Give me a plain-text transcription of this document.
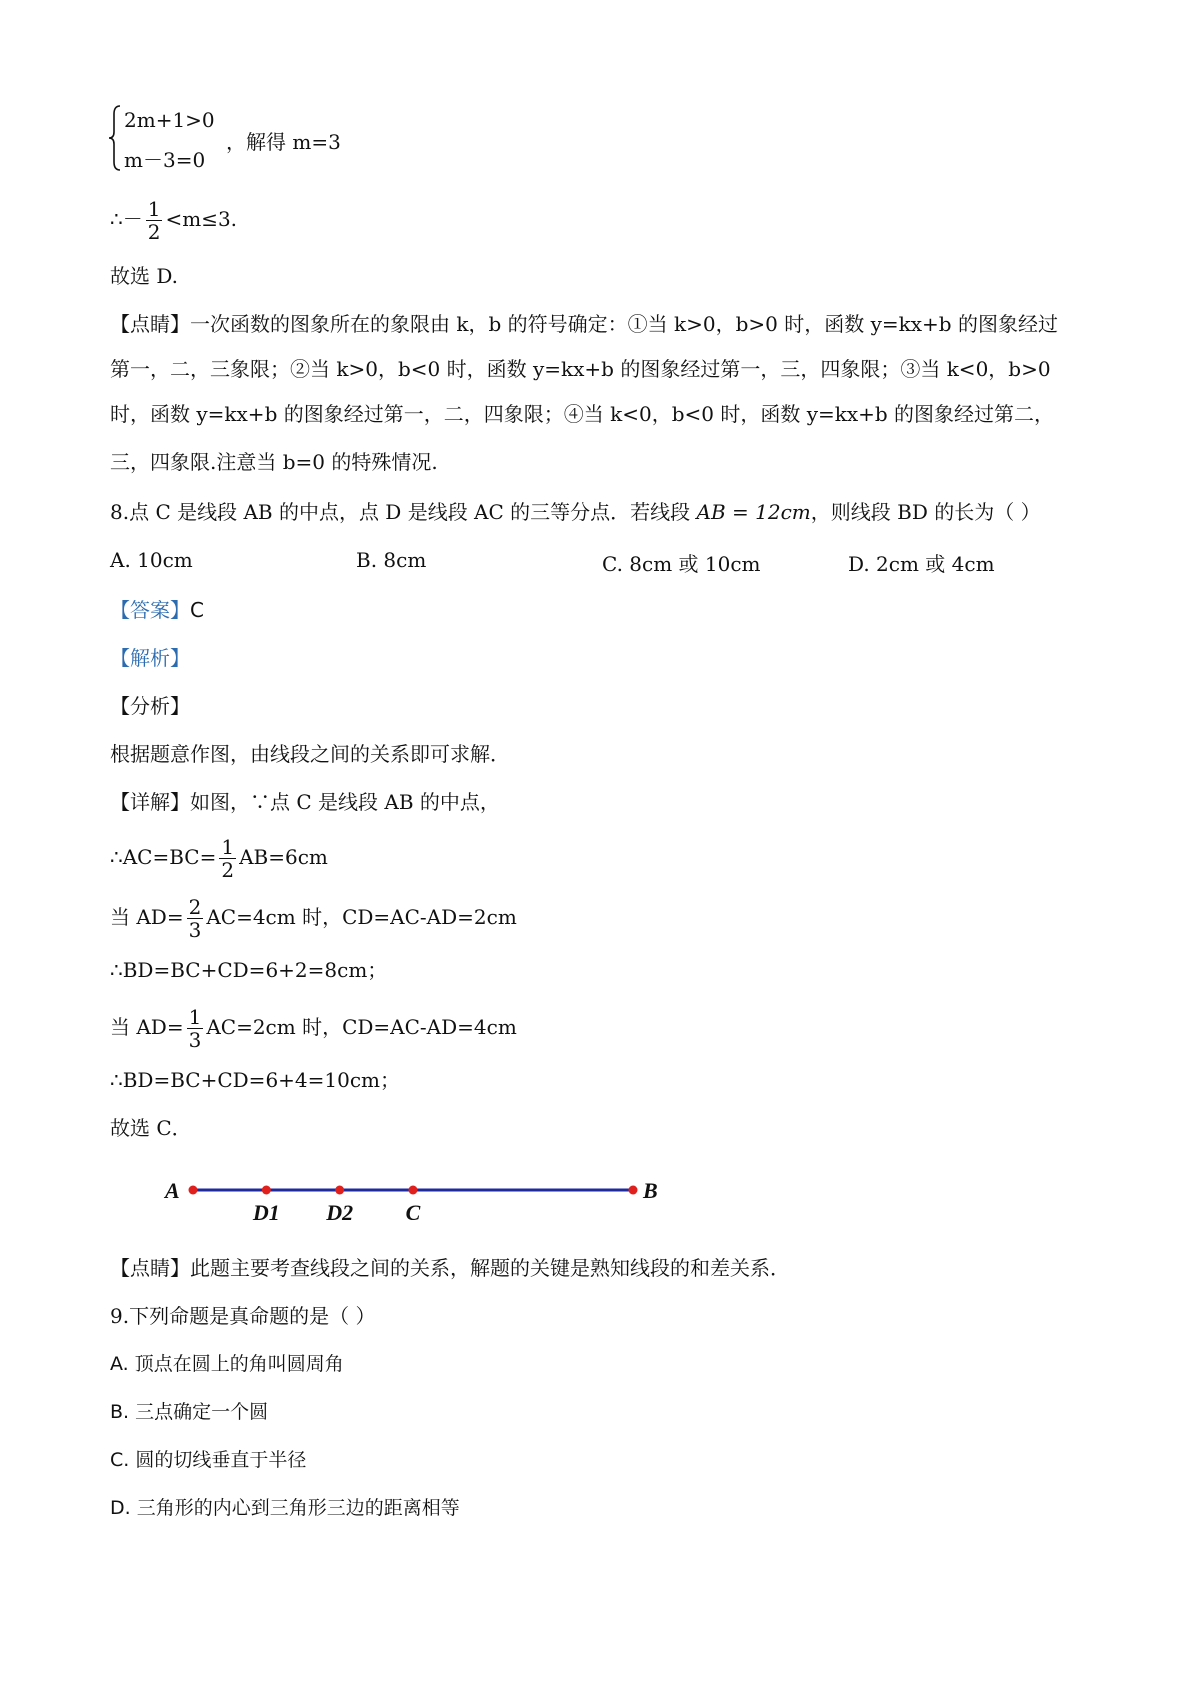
2m+1>0
m－3=0
，解得 m=3
∴－ $\frac{1}{2} <m\le 3$.
故选 D.
【点睛】一次函数的图象所在的象限由 k，b 的符号确定：①当 k>0，b>0 时，函数 y=kx+b 的图象经过
第一，二，三象限；②当 k>0，b<0 时，函数 y=kx+b 的图象经过第一，三，四象限；③当 k<0，b>0
时，函数 y=kx+b 的图象经过第一，二，四象限；④当 k<0，b<0 时，函数 y=kx+b 的图象经过第二，
三，四象限.注意当 b=0 的特殊情况.
8.点 C 是线段 AB 的中点，点 D 是线段 AC 的三等分点．若线段 AB = 12cm，则线段 BD 的长为（ ）
A. 10cm	B. 8cm	C. 8cm 或 10cm	D. 2cm 或 4cm
【答案】C
【解析】
【分析】
根据题意作图，由线段之间的关系即可求解．
【详解】如图，∵点 C 是线段 AB 的中点，
∴AC=BC= $\frac{1}{2} AB=6cm$
当 $AD= \frac{2}{3} AC=4cm$ 时，CD=AC-AD=2cm
∴BD=BC+CD=6+2=8cm；
当 $AD= \frac{1}{3} AC=2cm$ 时，CD=AC-AD=4cm
∴BD=BC+CD=6+4=10cm；
故选 C．
A
D1 D2 C
B
【点睛】此题主要考查线段之间的关系，解题的关键是熟知线段的和差关系．
9.下列命题是真命题的是（ ）
A. 顶点在圆上的角叫圆周角
B. 三点确定一个圆
C. 圆的切线垂直于半径
D. 三角形的内心到三角形三边的距离相等
